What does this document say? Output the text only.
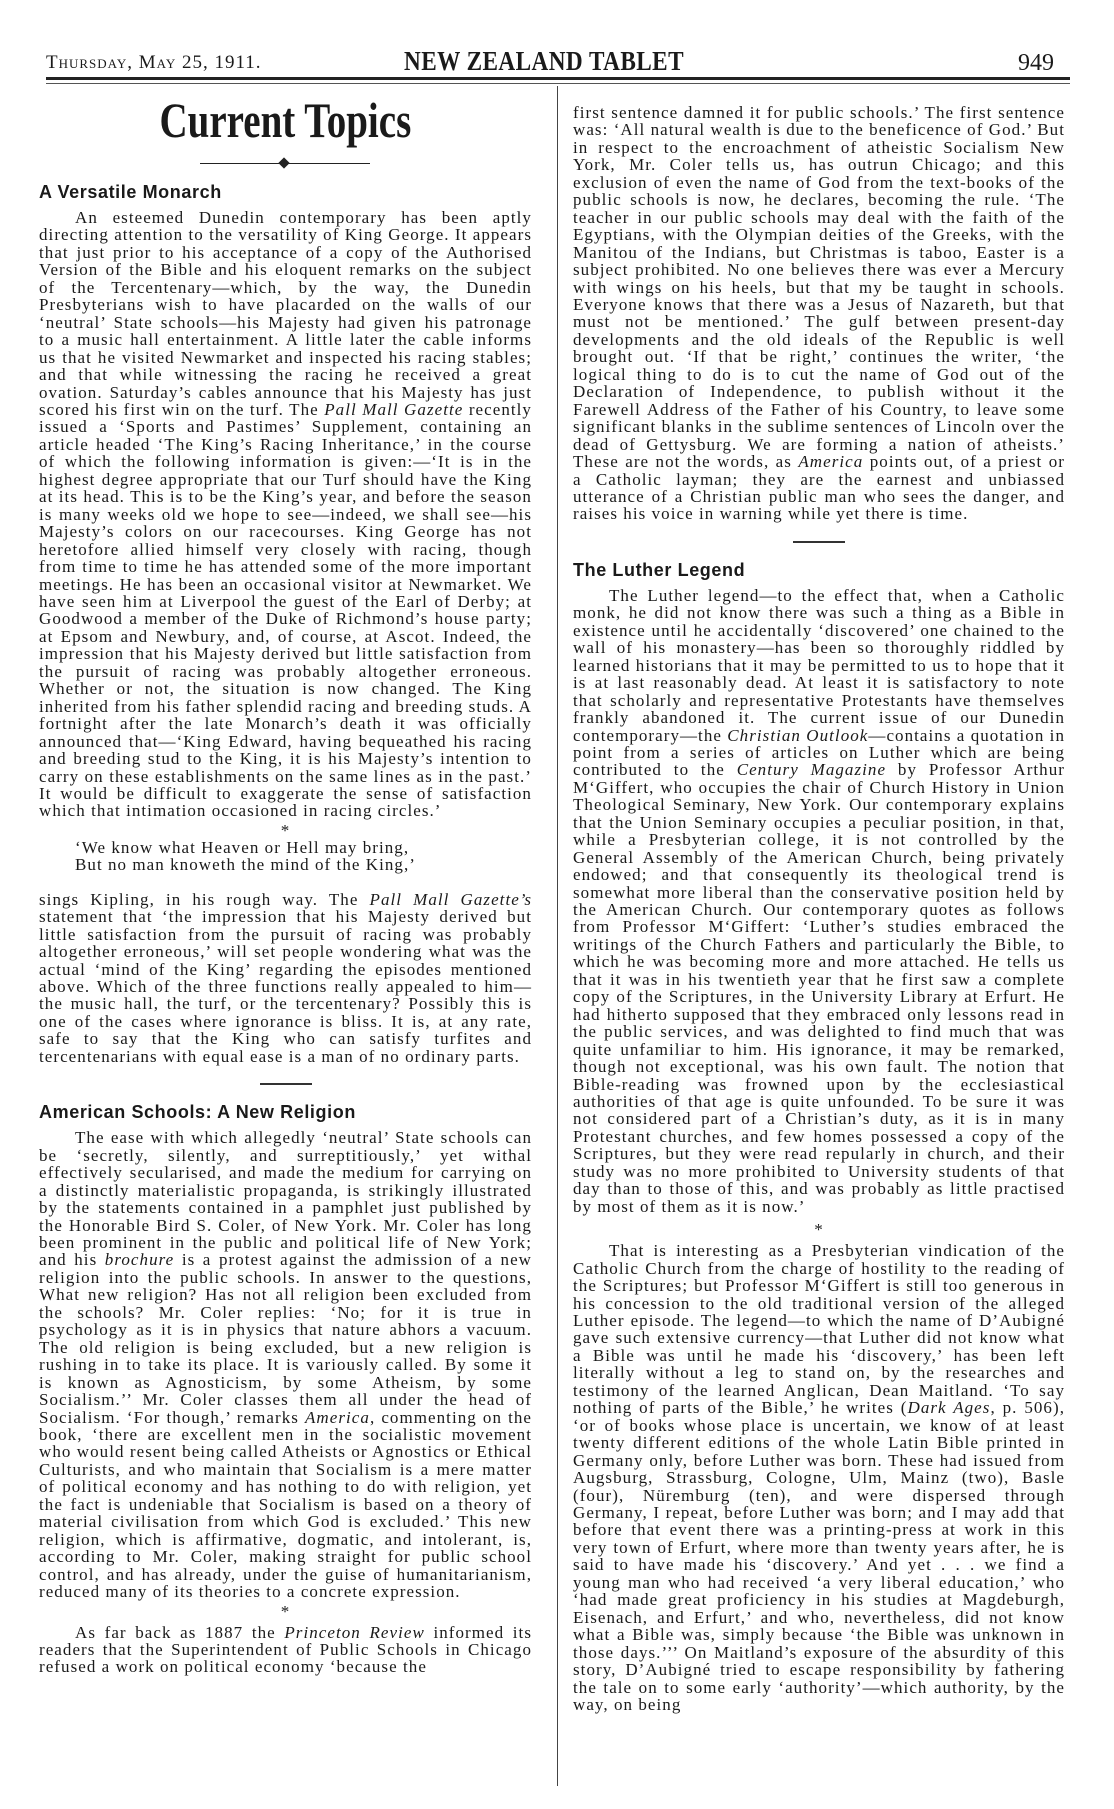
Thursday, May 25, 1911.	NEW ZEALAND TABLET	949
Current Topics
A Versatile Monarch

An esteemed Dunedin contemporary has been aptly directing attention to the versatility of King George. It appears that just prior to his acceptance of a copy of the Authorised Version of the Bible and his eloquent remarks on the subject of the Tercentenary—which, by the way, the Dunedin Presbyterians wish to have placarded on the walls of our ‘neutral’ State schools—his Majesty had given his patronage to a music hall entertainment. A little later the cable informs us that he visited Newmarket and inspected his racing stables; and that while witnessing the racing he received a great ovation. Saturday’s cables announce that his Majesty has just scored his first win on the turf. The Pall Mall Gazette recently issued a ‘Sports and Pastimes’ Supplement, containing an article headed ‘The King’s Racing Inheritance,’ in the course of which the following information is given:—‘It is in the highest degree appropriate that our Turf should have the King at its head. This is to be the King’s year, and before the season is many weeks old we hope to see—indeed, we shall see—his Majesty’s colors on our racecourses. King George has not heretofore allied himself very closely with racing, though from time to time he has attended some of the more important meetings. He has been an occasional visitor at Newmarket. We have seen him at Liverpool the guest of the Earl of Derby; at Goodwood a member of the Duke of Richmond’s house party; at Epsom and Newbury, and, of course, at Ascot. Indeed, the impression that his Majesty derived but little satisfaction from the pursuit of racing was probably altogether erroneous. Whether or not, the situation is now changed. The King inherited from his father splendid racing and breeding studs. A fortnight after the late Monarch’s death it was officially announced that—‘King Edward, having bequeathed his racing and breeding stud to the King, it is his Majesty’s intention to carry on these establishments on the same lines as in the past.’ It would be difficult to exaggerate the sense of satisfaction which that intimation occasioned in racing circles.’

*
‘We know what Heaven or Hell may bring,
But no man knoweth the mind of the King,’

sings Kipling, in his rough way. The Pall Mall Gazette’s statement that ‘the impression that his Majesty derived but little satisfaction from the pursuit of racing was probably altogether erroneous,’ will set people wondering what was the actual ‘mind of the King’ regarding the episodes mentioned above. Which of the three functions really appealed to him—the music hall, the turf, or the tercentenary? Possibly this is one of the cases where ignorance is bliss. It is, at any rate, safe to say that the King who can satisfy turfites and tercentenarians with equal ease is a man of no ordinary parts.

American Schools: A New Religion

The ease with which allegedly ‘neutral’ State schools can be ‘secretly, silently, and surreptitiously,’ yet withal effectively secularised, and made the medium for carrying on a distinctly materialistic propaganda, is strikingly illustrated by the statements contained in a pamphlet just published by the Honorable Bird S. Coler, of New York. Mr. Coler has long been prominent in the public and political life of New York; and his brochure is a protest against the admission of a new religion into the public schools. In answer to the questions, What new religion? Has not all religion been excluded from the schools? Mr. Coler replies: ‘No; for it is true in psychology as it is in physics that nature abhors a vacuum. The old religion is being excluded, but a new religion is rushing in to take its place. It is variously called. By some it is known as Agnosticism, by some Atheism, by some Socialism.’’ Mr. Coler classes them all under the head of Socialism. ‘For though,’ remarks America, commenting on the book, ‘there are excellent men in the socialistic movement who would resent being called Atheists or Agnostics or Ethical Culturists, and who maintain that Socialism is a mere matter of political economy and has nothing to do with religion, yet the fact is undeniable that Socialism is based on a theory of material civilisation from which God is excluded.’ This new religion, which is affirmative, dogmatic, and intolerant, is, according to Mr. Coler, making straight for public school control, and has already, under the guise of humanitarianism, reduced many of its theories to a concrete expression.

*

As far back as 1887 the Princeton Review informed its readers that the Superintendent of Public Schools in Chicago refused a work on political economy ‘because the

first sentence damned it for public schools.’ The first sentence was: ‘All natural wealth is due to the beneficence of God.’ But in respect to the encroachment of atheistic Socialism New York, Mr. Coler tells us, has outrun Chicago; and this exclusion of even the name of God from the text-books of the public schools is now, he declares, becoming the rule. ‘The teacher in our public schools may deal with the faith of the Egyptians, with the Olympian deities of the Greeks, with the Manitou of the Indians, but Christmas is taboo, Easter is a subject prohibited. No one believes there was ever a Mercury with wings on his heels, but that my be taught in schools. Everyone knows that there was a Jesus of Nazareth, but that must not be mentioned.’ The gulf between present-day developments and the old ideals of the Republic is well brought out. ‘If that be right,’ continues the writer, ‘the logical thing to do is to cut the name of God out of the Declaration of Independence, to publish without it the Farewell Address of the Father of his Country, to leave some significant blanks in the sublime sentences of Lincoln over the dead of Gettysburg. We are forming a nation of atheists.’ These are not the words, as America points out, of a priest or a Catholic layman; they are the earnest and unbiassed utterance of a Christian public man who sees the danger, and raises his voice in warning while yet there is time.

The Luther Legend

The Luther legend—to the effect that, when a Catholic monk, he did not know there was such a thing as a Bible in existence until he accidentally ‘discovered’ one chained to the wall of his monastery—has been so thoroughly riddled by learned historians that it may be permitted to us to hope that it is at last reasonably dead. At least it is satisfactory to note that scholarly and representative Protestants have themselves frankly abandoned it. The current issue of our Dunedin contemporary—the Christian Outlook—contains a quotation in point from a series of articles on Luther which are being contributed to the Century Magazine by Professor Arthur M‘Giffert, who occupies the chair of Church History in Union Theological Seminary, New York. Our contemporary explains that the Union Seminary occupies a peculiar position, in that, while a Presbyterian college, it is not controlled by the General Assembly of the American Church, being privately endowed; and that consequently its theological trend is somewhat more liberal than the conservative position held by the American Church. Our contemporary quotes as follows from Professor M‘Giffert: ‘Luther’s studies embraced the writings of the Church Fathers and particularly the Bible, to which he was becoming more and more attached. He tells us that it was in his twentieth year that he first saw a complete copy of the Scriptures, in the University Library at Erfurt. He had hitherto supposed that they embraced only lessons read in the public services, and was delighted to find much that was quite unfamiliar to him. His ignorance, it may be remarked, though not exceptional, was his own fault. The notion that Bible-reading was frowned upon by the ecclesiastical authorities of that age is quite unfounded. To be sure it was not considered part of a Christian’s duty, as it is in many Protestant churches, and few homes possessed a copy of the Scriptures, but they were read repularly in church, and their study was no more prohibited to University students of that day than to those of this, and was probably as little practised by most of them as it is now.’

*

That is interesting as a Presbyterian vindication of the Catholic Church from the charge of hostility to the reading of the Scriptures; but Professor M‘Giffert is still too generous in his concession to the old traditional version of the alleged Luther episode. The legend—to which the name of D’Aubigné gave such extensive currency—that Luther did not know what a Bible was until he made his ‘discovery,’ has been left literally without a leg to stand on, by the researches and testimony of the learned Anglican, Dean Maitland. ‘To say nothing of parts of the Bible,’ he writes (Dark Ages, p. 506), ‘or of books whose place is uncertain, we know of at least twenty different editions of the whole Latin Bible printed in Germany only, before Luther was born. These had issued from Augsburg, Strassburg, Cologne, Ulm, Mainz (two), Basle (four), Nüremburg (ten), and were dispersed through Germany, I repeat, before Luther was born; and I may add that before that event there was a printing-press at work in this very town of Erfurt, where more than twenty years after, he is said to have made his ‘discovery.’ And yet . . . we find a young man who had received ‘a very liberal education,’ who ‘had made great proficiency in his studies at Magdeburgh, Eisenach, and Erfurt,’ and who, nevertheless, did not know what a Bible was, simply because ‘the Bible was unknown in those days.’’’ On Maitland’s exposure of the absurdity of this story, D’Aubigné tried to escape responsibility by fathering the tale on to some early ‘authority’—which authority, by the way, on being
